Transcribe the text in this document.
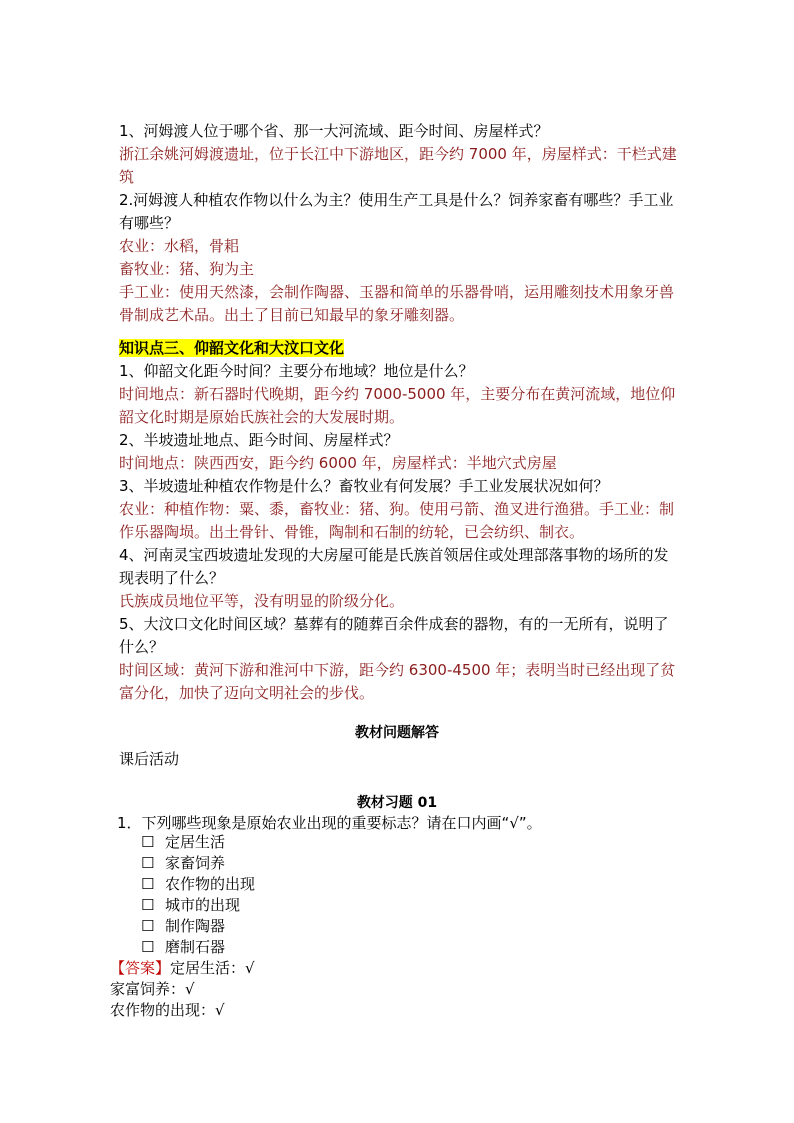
1、河姆渡人位于哪个省、那一大河流域、距今时间、房屋样式？
浙江余姚河姆渡遗址，位于长江中下游地区，距今约 7000 年，房屋样式：干栏式建筑
2.河姆渡人种植农作物以什么为主？使用生产工具是什么？饲养家畜有哪些？手工业有哪些？
农业：水稻，骨耜
畜牧业：猪、狗为主
手工业：使用天然漆，会制作陶器、玉器和简单的乐器骨哨，运用雕刻技术用象牙兽骨制成艺术品。出土了目前已知最早的象牙雕刻器。
知识点三、仰韶文化和大汶口文化
1、仰韶文化距今时间？主要分布地域？地位是什么？
时间地点：新石器时代晚期，距今约 7000-5000 年，主要分布在黄河流域，地位仰韶文化时期是原始氏族社会的大发展时期。
2、半坡遗址地点、距今时间、房屋样式？
时间地点：陕西西安，距今约 6000 年，房屋样式：半地穴式房屋
3、半坡遗址种植农作物是什么？畜牧业有何发展？手工业发展状况如何？
农业：种植作物：粟、黍，畜牧业：猪、狗。使用弓箭、渔叉进行渔猎。手工业：制作乐器陶埙。出土骨针、骨锥，陶制和石制的纺轮，已会纺织、制衣。
4、河南灵宝西坡遗址发现的大房屋可能是氏族首领居住或处理部落事物的场所的发现表明了什么？
氏族成员地位平等，没有明显的阶级分化。
5、大汶口文化时间区域？墓葬有的随葬百余件成套的器物，有的一无所有，说明了什么？
时间区域：黄河下游和淮河中下游，距今约 6300-4500 年；表明当时已经出现了贫富分化，加快了迈向文明社会的步伐。
教材问题解答
课后活动
教材习题 01
1．下列哪些现象是原始农业出现的重要标志？请在口内画“√”。
☐ 定居生活
☐ 家畜饲养
☐ 农作物的出现
☐ 城市的出现
☐ 制作陶器
☐ 磨制石器
【答案】定居生活：√
家富饲养：√
农作物的出现：√
